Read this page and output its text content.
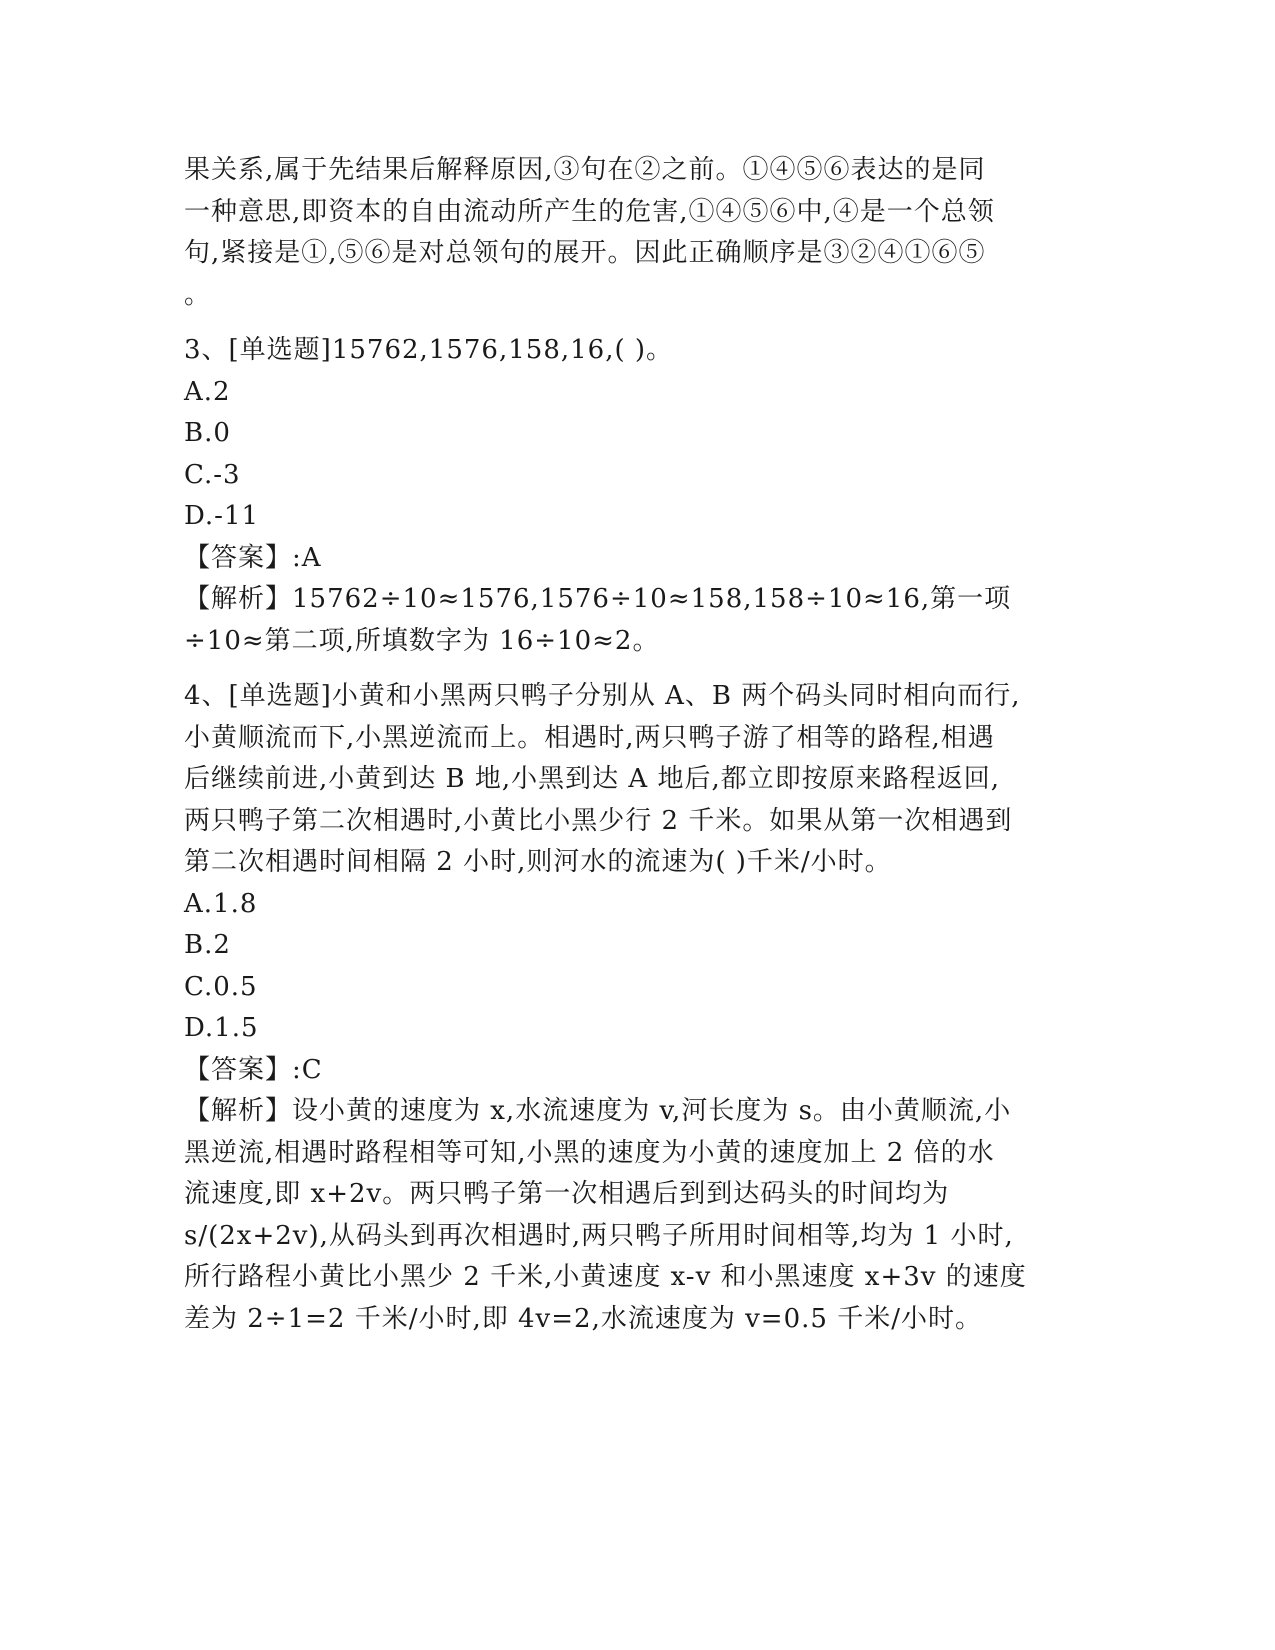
果关系,属于先结果后解释原因,③句在②之前。①④⑤⑥表达的是同
一种意思,即资本的自由流动所产生的危害,①④⑤⑥中,④是一个总领
句,紧接是①,⑤⑥是对总领句的展开。因此正确顺序是③②④①⑥⑤
。
3、[单选题]15762,1576,158,16,( )。
A.2
B.0
C.-3
D.-11
【答案】:A
【解析】15762÷10≈1576,1576÷10≈158,158÷10≈16,第一项
÷10≈第二项,所填数字为 16÷10≈2。
4、[单选题]小黄和小黑两只鸭子分别从 A、B 两个码头同时相向而行,
小黄顺流而下,小黑逆流而上。相遇时,两只鸭子游了相等的路程,相遇
后继续前进,小黄到达 B 地,小黑到达 A 地后,都立即按原来路程返回,
两只鸭子第二次相遇时,小黄比小黑少行 2 千米。如果从第一次相遇到
第二次相遇时间相隔 2 小时,则河水的流速为( )千米/小时。
A.1.8
B.2
C.0.5
D.1.5
【答案】:C
【解析】设小黄的速度为 x,水流速度为 v,河长度为 s。由小黄顺流,小
黑逆流,相遇时路程相等可知,小黑的速度为小黄的速度加上 2 倍的水
流速度,即 x+2v。两只鸭子第一次相遇后到到达码头的时间均为
s/(2x+2v),从码头到再次相遇时,两只鸭子所用时间相等,均为 1 小时,
所行路程小黄比小黑少 2 千米,小黄速度 x-v 和小黑速度 x+3v 的速度
差为 2÷1=2 千米/小时,即 4v=2,水流速度为 v=0.5 千米/小时。
